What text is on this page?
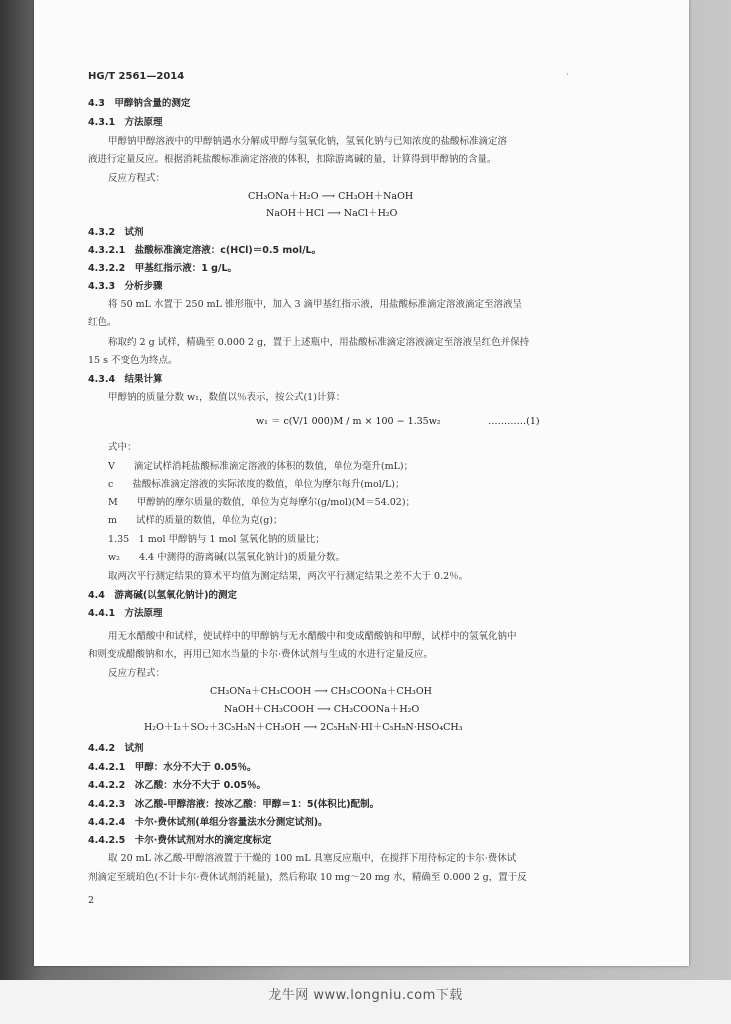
HG/T 2561—2014	·
4.3　甲醇钠含量的测定
4.3.1　方法原理
甲醇钠甲醇溶液中的甲醇钠遇水分解成甲醇与氢氧化钠，氢氧化钠与已知浓度的盐酸标准滴定溶
液进行定量反应。根据消耗盐酸标准滴定溶液的体积，扣除游离碱的量，计算得到甲醇钠的含量。
反应方程式：
CH₃ONa＋H₂O ⟶ CH₃OH＋NaOH
NaOH＋HCl ⟶ NaCl＋H₂O
4.3.2　试剂
4.3.2.1　盐酸标准滴定溶液：c(HCl)＝0.5 mol/L。
4.3.2.2　甲基红指示液：1 g/L。
4.3.3　分析步骤
将 50 mL 水置于 250 mL 锥形瓶中，加入 3 滴甲基红指示液，用盐酸标准滴定溶液滴定至溶液呈
红色。
称取约 2 g 试样，精确至 0.000 2 g，置于上述瓶中，用盐酸标准滴定溶液滴定至溶液呈红色并保持
15 s 不变色为终点。
4.3.4　结果计算
甲醇钠的质量分数 w₁，数值以％表示，按公式(1)计算：
w₁ ＝ c(V/1 000)M / m × 100 − 1.35w₂　　　　　…………(1)
式中：
V　　滴定试样消耗盐酸标准滴定溶液的体积的数值，单位为毫升(mL)；
c　　盐酸标准滴定溶液的实际浓度的数值，单位为摩尔每升(mol/L)；
M　　甲醇钠的摩尔质量的数值，单位为克每摩尔(g/mol)(M＝54.02)；
m　　试样的质量的数值，单位为克(g)；
1.35　1 mol 甲醇钠与 1 mol 氢氧化钠的质量比；
w₂　　4.4 中测得的游离碱(以氢氧化钠计)的质量分数。
取两次平行测定结果的算术平均值为测定结果，两次平行测定结果之差不大于 0.2％。
4.4　游离碱(以氢氧化钠计)的测定
4.4.1　方法原理
用无水醋酸中和试样，使试样中的甲醇钠与无水醋酸中和变成醋酸钠和甲醇，试样中的氢氧化钠中
和则变成醋酸钠和水，再用已知水当量的卡尔·费休试剂与生成的水进行定量反应。
反应方程式：
CH₃ONa＋CH₃COOH ⟶ CH₃COONa＋CH₃OH
NaOH＋CH₃COOH ⟶ CH₃COONa＋H₂O
H₂O＋I₂＋SO₂＋3C₅H₅N＋CH₃OH ⟶ 2C₅H₅N·HI＋C₅H₅N·HSO₄CH₃
4.4.2　试剂
4.4.2.1　甲醇：水分不大于 0.05％。
4.4.2.2　冰乙酸：水分不大于 0.05％。
4.4.2.3　冰乙酸-甲醇溶液：按冰乙酸：甲醇＝1：5(体积比)配制。
4.4.2.4　卡尔·费休试剂(单组分容量法水分测定试剂)。
4.4.2.5　卡尔·费休试剂对水的滴定度标定
取 20 mL 冰乙酸-甲醇溶液置于干燥的 100 mL 具塞反应瓶中，在搅拌下用待标定的卡尔·费休试
剂滴定至琥珀色(不计卡尔·费休试剂消耗量)，然后称取 10 mg～20 mg 水，精确至 0.000 2 g，置于反
2
龙牛网 www.longniu.com下载
